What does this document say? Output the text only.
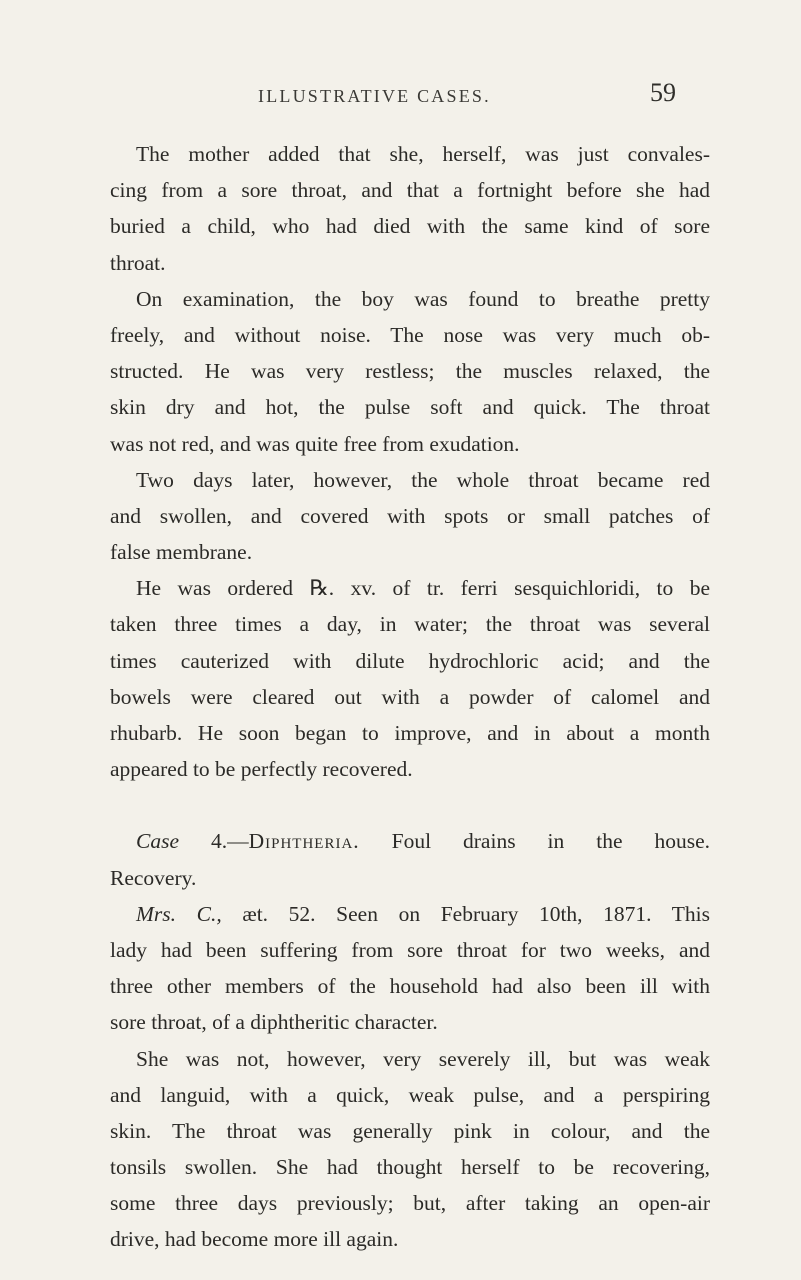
ILLUSTRATIVE CASES.	59
The mother added that she, herself, was just convales-
cing from a sore throat, and that a fortnight before she had
buried a child, who had died with the same kind of sore
throat.
On examination, the boy was found to breathe pretty
freely, and without noise. The nose was very much ob-
structed. He was very restless; the muscles relaxed, the
skin dry and hot, the pulse soft and quick. The throat
was not red, and was quite free from exudation.
Two days later, however, the whole throat became red
and swollen, and covered with spots or small patches of
false membrane.
He was ordered ℞. xv. of tr. ferri sesquichloridi, to be
taken three times a day, in water; the throat was several
times cauterized with dilute hydrochloric acid; and the
bowels were cleared out with a powder of calomel and
rhubarb. He soon began to improve, and in about a month
appeared to be perfectly recovered.
Case 4.—Diphtheria. Foul drains in the house.
Recovery.
Mrs. C., æt. 52. Seen on February 10th, 1871. This
lady had been suffering from sore throat for two weeks, and
three other members of the household had also been ill with
sore throat, of a diphtheritic character.
She was not, however, very severely ill, but was weak
and languid, with a quick, weak pulse, and a perspiring
skin. The throat was generally pink in colour, and the
tonsils swollen. She had thought herself to be recovering,
some three days previously; but, after taking an open-air
drive, had become more ill again.
